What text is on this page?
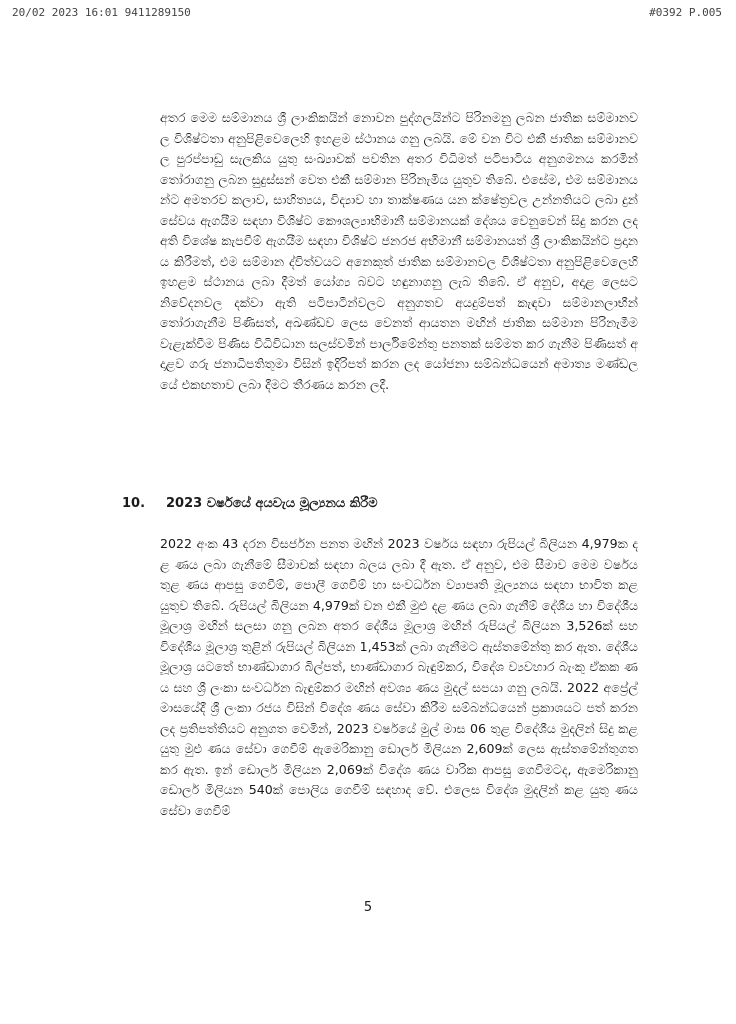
20/02 2023 16:01 9411289150	#0392 P.005

අතර මෙම සම්මානය ශ්‍රී ලාංකිකයින් නොවන පුද්ගලයින්ට පිරිනමනු ලබන ජාතික සම්මානවල විශිෂ්ටතා අනුපිළිවෙලෙහි ඉහළම ස්ථානය ගනු ලබයි. මේ වන විට එකී ජාතික සම්මානවල පුරප්පාඩු සැලකිය යුතු සංඛ්‍යාවක් පවතින අතර විධිමත් පටිපාටිය අනුගමනය කරමින් තෝරාගනු ලබන සුදුස්සන් වෙත එකී සම්මාන පිරිනැමිය යුතුව තිබේ. එසේම, එම සම්මානයන්ට අමතරව කලාව, සාහිත්‍යය, විද්‍යාව හා තාක්ෂණය යන ක්ෂේත්‍රවල උන්නතියට ලබා දුන් සේවය ඇගයීම සඳහා විශිෂ්ට කෞශල්‍යාභිමානී සම්මානයක් දේශය වෙනුවෙන් සිදු කරන ලද අති විශේෂ කැපවීම් ඇගයීම සඳහා විශිෂ්ට ජනරජ අභිමානී සම්මානයත් ශ්‍රී ලාංකිකයින්ට ප්‍රදානය කිරීමත්, එම සම්මාන ද්විත්වයට අනෙකුත් ජාතික සම්මානවල විශිෂ්ටතා අනුපිළිවෙලෙහි ඉහළම ස්ථානය ලබා දීමත් යෝග්‍ය බවට හඳුනාගනු ලැබ තිබේ. ඒ අනුව, අදාළ ලෙසට නිවේදනවල දක්වා ඇති පටිපාටීන්වලට අනුගතව අයදුම්පත් කැඳවා සම්මානලාභීන් තෝරාගැනීම පිණිසත්, අඛණ්ඩව ලෙස වෙනත් ආයතන මඟින් ජාතික සම්මාන පිරිනැමීම වැළැක්වීම පිණිස විධිවිධාන සලස්වමින් පාර්ලිමේන්තු පනතක් සම්මත කර ගැනීම පිණිසත් අදාළව ගරු ජනාධිපතිතුමා විසින් ඉදිරිපත් කරන ලද යෝජනා සම්බන්ධයෙන් අමාත්‍ය මණ්ඩලයේ එකඟතාව ලබා දීමට තීරණය කරන ලදී.

10. 2023 වර්ෂයේ අයවැය මූල්‍යනය කිරීම

2022 අංක 43 දරන විසර්ජන පනත මඟින් 2023 වර්ෂය සඳහා රුපියල් බිලියන 4,979ක දළ ණය ලබා ගැනීමේ සීමාවක් සඳහා බලය ලබා දී ඇත. ඒ අනුව, එම සීමාව මෙම වර්ෂය තුළ ණය ආපසු ගෙවීම්, පොලී ගෙවීම් හා සංවර්ධන ව්‍යාපෘති මූල්‍යනය සඳහා භාවිත කළ යුතුව තිබේ. රුපියල් බිලියන 4,979ක් වන එකී මුළු දළ ණය ලබා ගැනීම් දේශීය හා විදේශීය මූලාශ්‍ර මඟින් සලසා ගනු ලබන අතර දේශීය මූලාශ්‍ර මඟින් රුපියල් බිලියන 3,526ක් සහ විදේශීය මූලාශ්‍ර තුළින් රුපියල් බිලියන 1,453ක් ලබා ගැනීමට ඇස්තමේන්තු කර ඇත. දේශීය මූලාශ්‍ර යටතේ භාණ්ඩාගාර බිල්පත්, භාණ්ඩාගාර බැඳුම්කර, විදේශ ව්‍යවහාර බැංකු ඒකක ණය සහ ශ්‍රී ලංකා සංවර්ධන බැඳුම්කර මඟින් අවශ්‍ය ණය මුදල් සපයා ගනු ලබයි. 2022 අප්‍රේල් මාසයේදී ශ්‍රී ලංකා රජය විසින් විදේශ ණය සේවා කිරීම සම්බන්ධයෙන් ප්‍රකාශයට පත් කරන ලද ප්‍රතිපත්තියට අනුගත වෙමින්, 2023 වර්ෂයේ මුල් මාස 06 තුළ විදේශීය මුදලින් සිදු කළ යුතු මුළු ණය සේවා ගෙවීම් ඇමෙරිකානු ඩොලර් මිලියන 2,609ක් ලෙස ඇස්තමේන්තුගත කර ඇත. ඉන් ඩොලර් මිලියන 2,069ක් විදේශ ණය වාරික ආපසු ගෙවීමටද, ඇමෙරිකානු ඩොලර් මිලියන 540ක් පොලිය ගෙවීම් සඳහාද වේ. එලෙස විදේශ මුදලින් කළ යුතු ණය සේවා ගෙවීම්

5
